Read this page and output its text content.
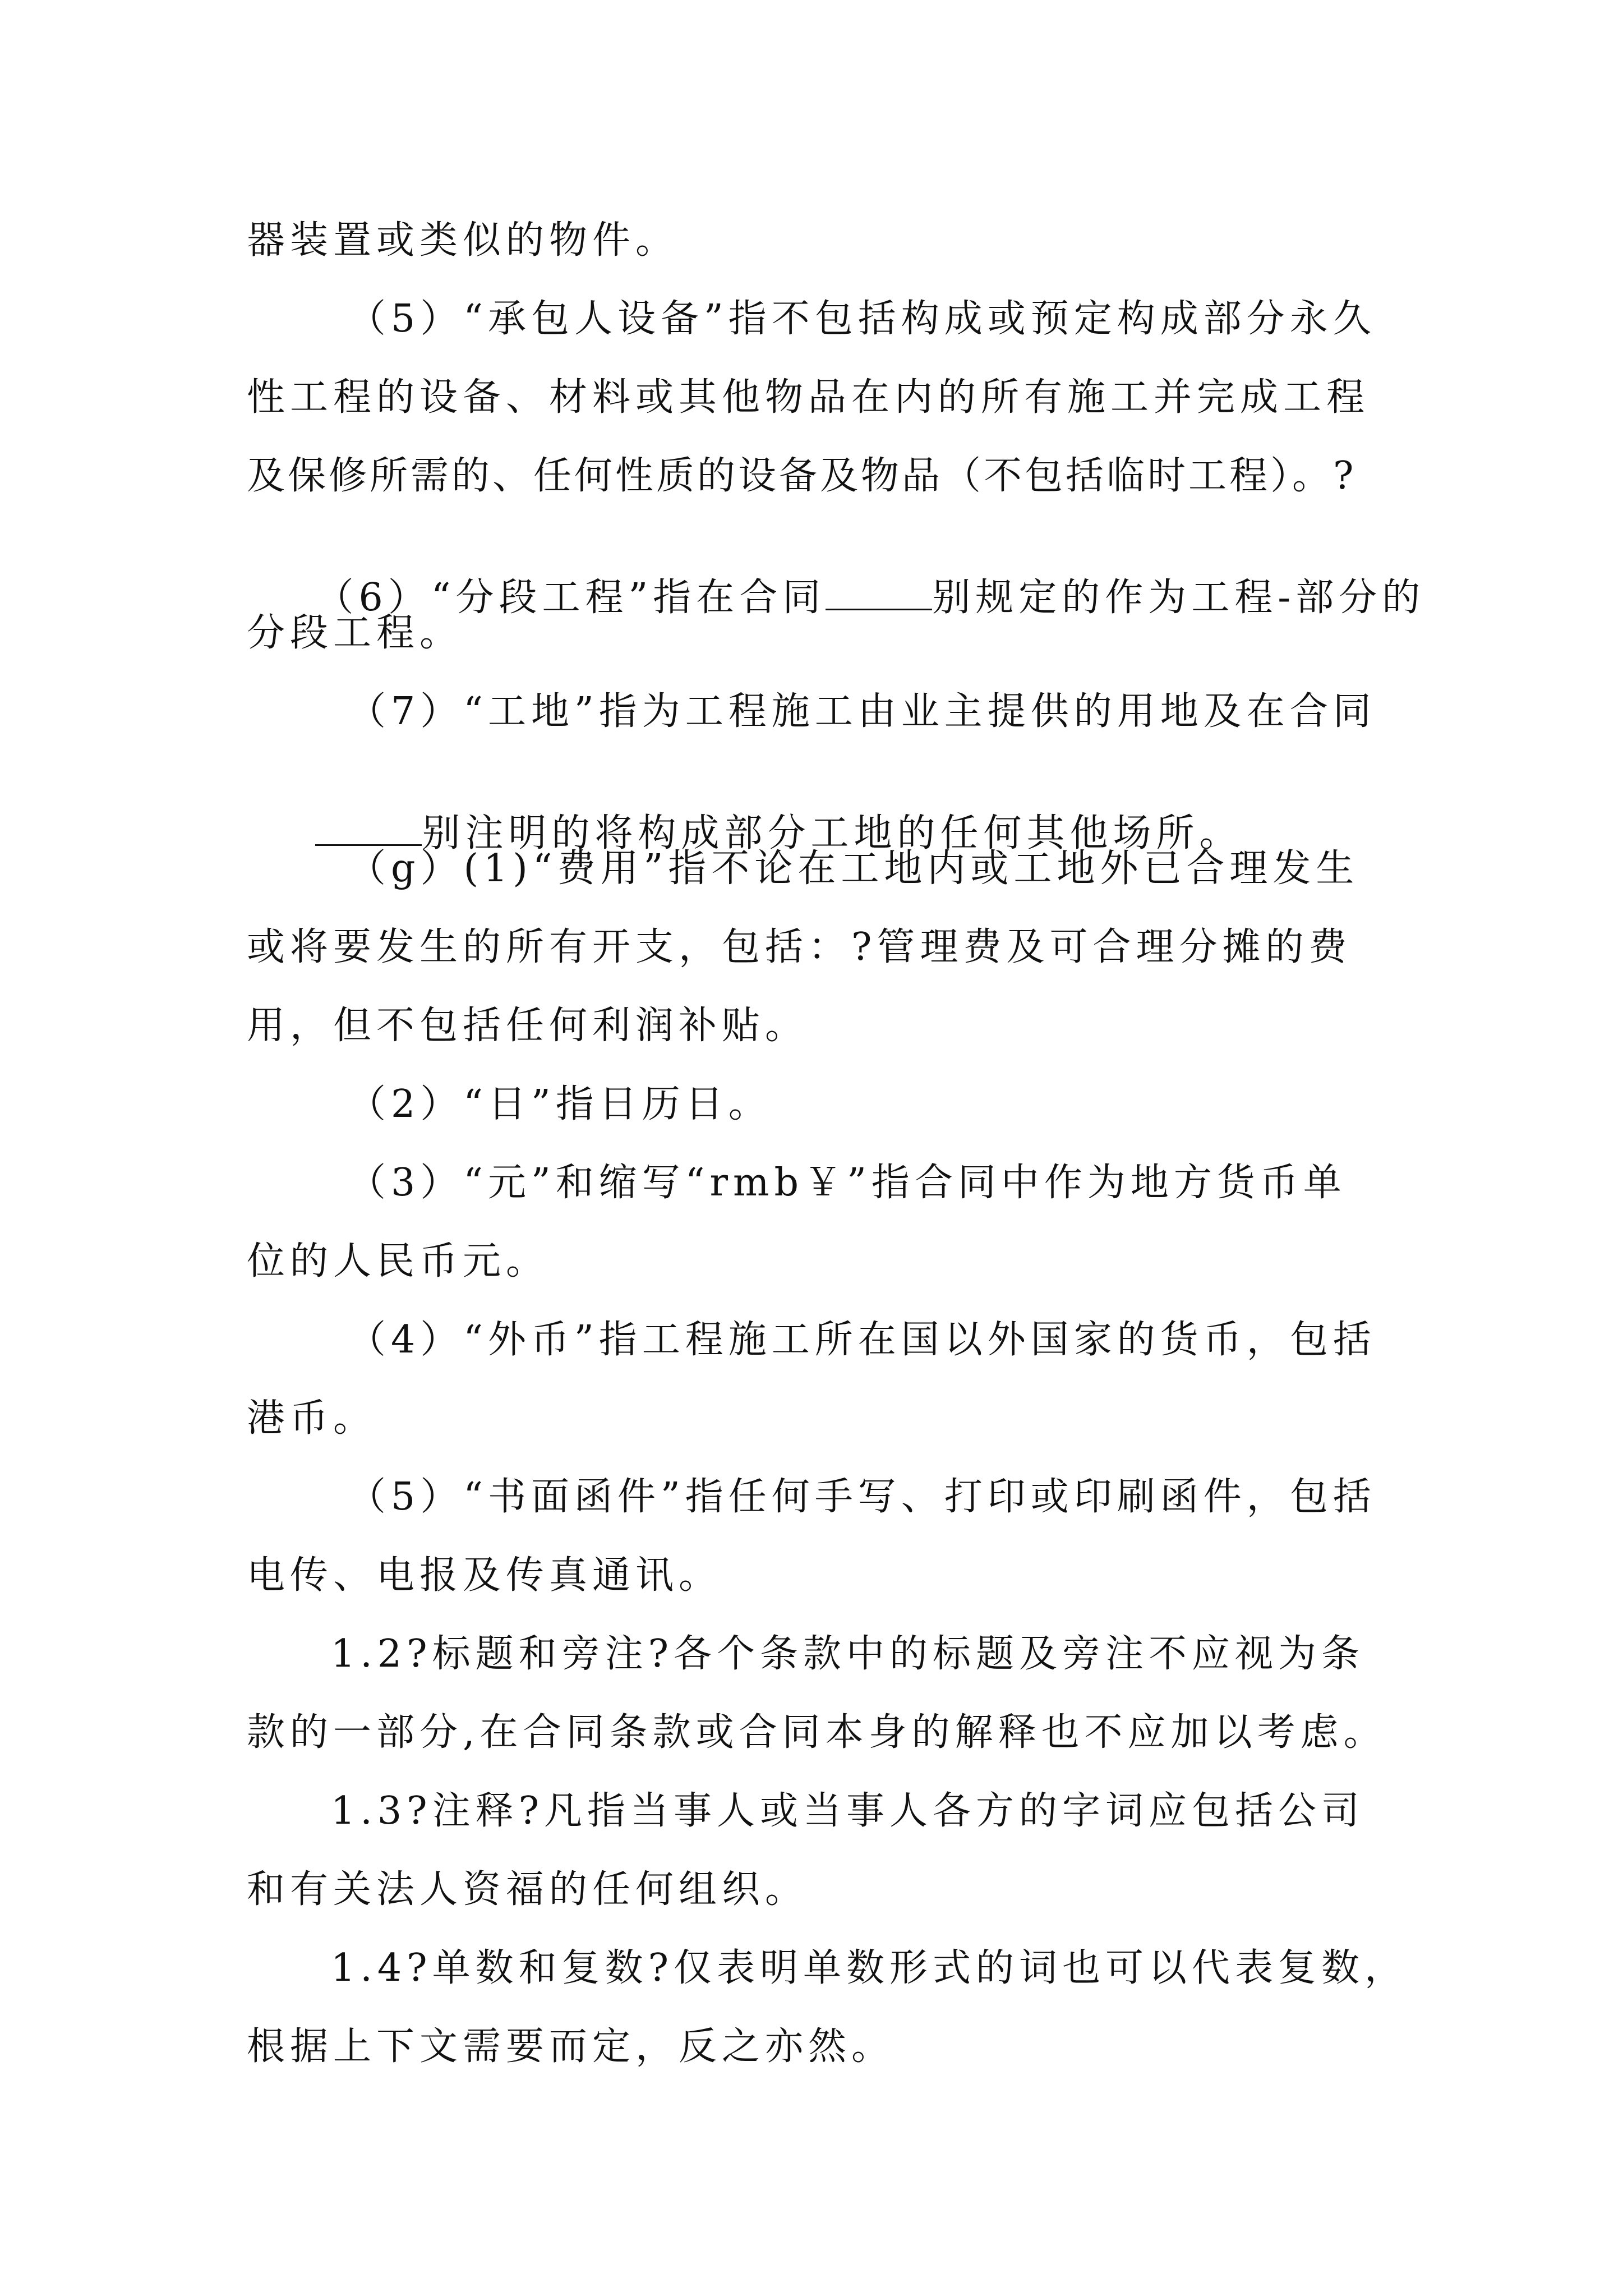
器装置或类似的物件。
（5）“承包人设备”指不包括构成或预定构成部分永久
性工程的设备、材料或其他物品在内的所有施工并完成工程
及保修所需的、任何性质的设备及物品（不包括临时工程）。?

（6）“分段工程”指在合同	别规定的作为工程-部分的

分段工程。
（7）“工地”指为工程施工由业主提供的用地及在合同

别注明的将构成部分工地的任何其他场所。

（g）(1)“费用”指不论在工地内或工地外已合理发生
或将要发生的所有开支，包括：?管理费及可合理分摊的费
用，但不包括任何利润补贴。
（2）“日”指日历日。
（3）“元”和缩写“rmb￥”指合同中作为地方货币单
位的人民币元。
（4）“外币”指工程施工所在国以外国家的货币，包括
港币。
（5）“书面函件”指任何手写、打印或印刷函件，包括
电传、电报及传真通讯。
1.2?标题和旁注?各个条款中的标题及旁注不应视为条
款的一部分,在合同条款或合同本身的解释也不应加以考虑。
1.3?注释?凡指当事人或当事人各方的字词应包括公司
和有关法人资福的任何组织。
1.4?单数和复数?仅表明单数形式的词也可以代表复数，
根据上下文需要而定，反之亦然。
